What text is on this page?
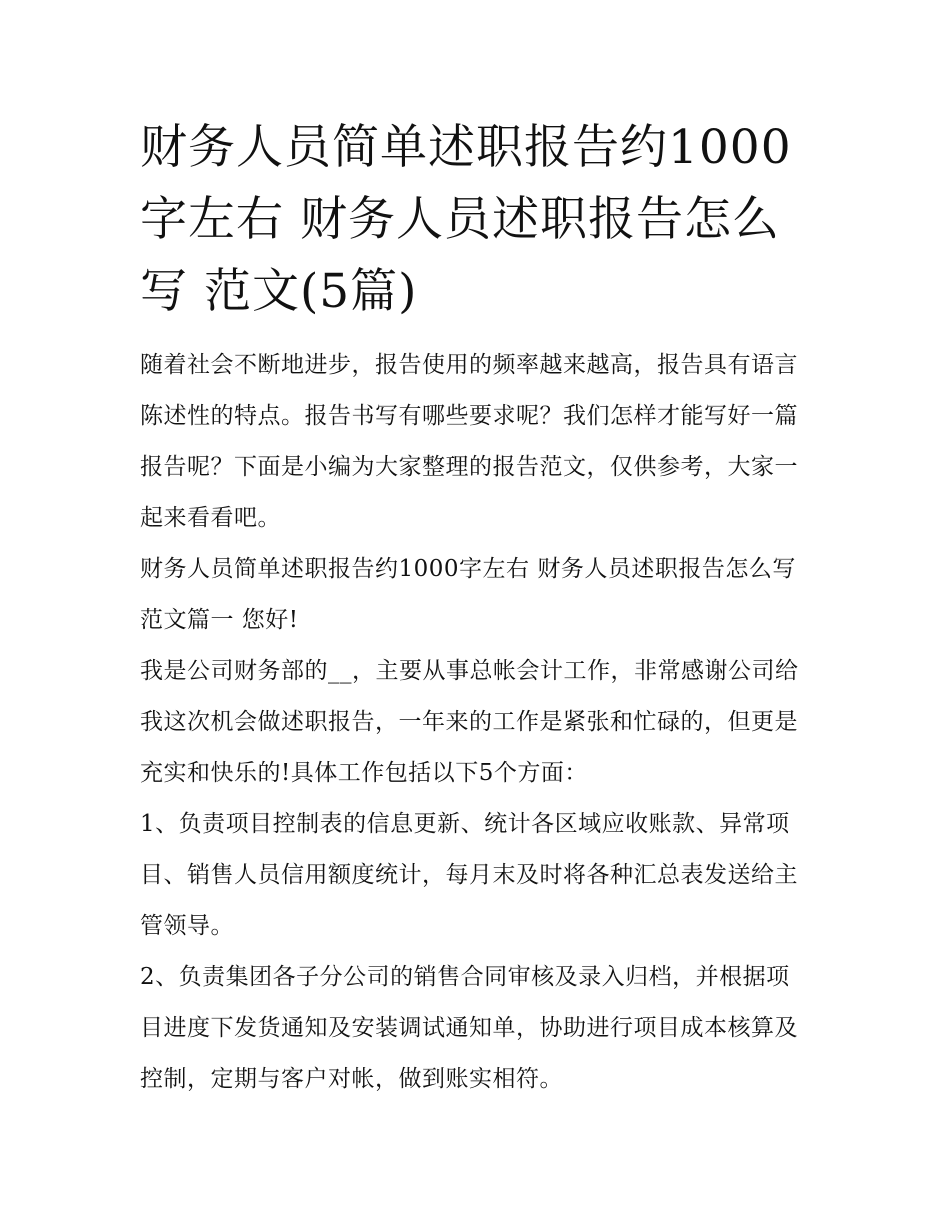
财务人员简单述职报告约1000字左右 财务人员述职报告怎么写 范文(5篇)

随着社会不断地进步，报告使用的频率越来越高，报告具有语言陈述性的特点。报告书写有哪些要求呢？我们怎样才能写好一篇报告呢？下面是小编为大家整理的报告范文，仅供参考，大家一起来看看吧。

财务人员简单述职报告约1000字左右 财务人员述职报告怎么写 范文篇一 您好!

我是公司财务部的__，主要从事总帐会计工作，非常感谢公司给我这次机会做述职报告，一年来的工作是紧张和忙碌的，但更是充实和快乐的!具体工作包括以下5个方面：

1、负责项目控制表的信息更新、统计各区域应收账款、异常项目、销售人员信用额度统计，每月末及时将各种汇总表发送给主管领导。

2、负责集团各子分公司的销售合同审核及录入归档，并根据项目进度下发货通知及安装调试通知单，协助进行项目成本核算及控制，定期与客户对帐，做到账实相符。
